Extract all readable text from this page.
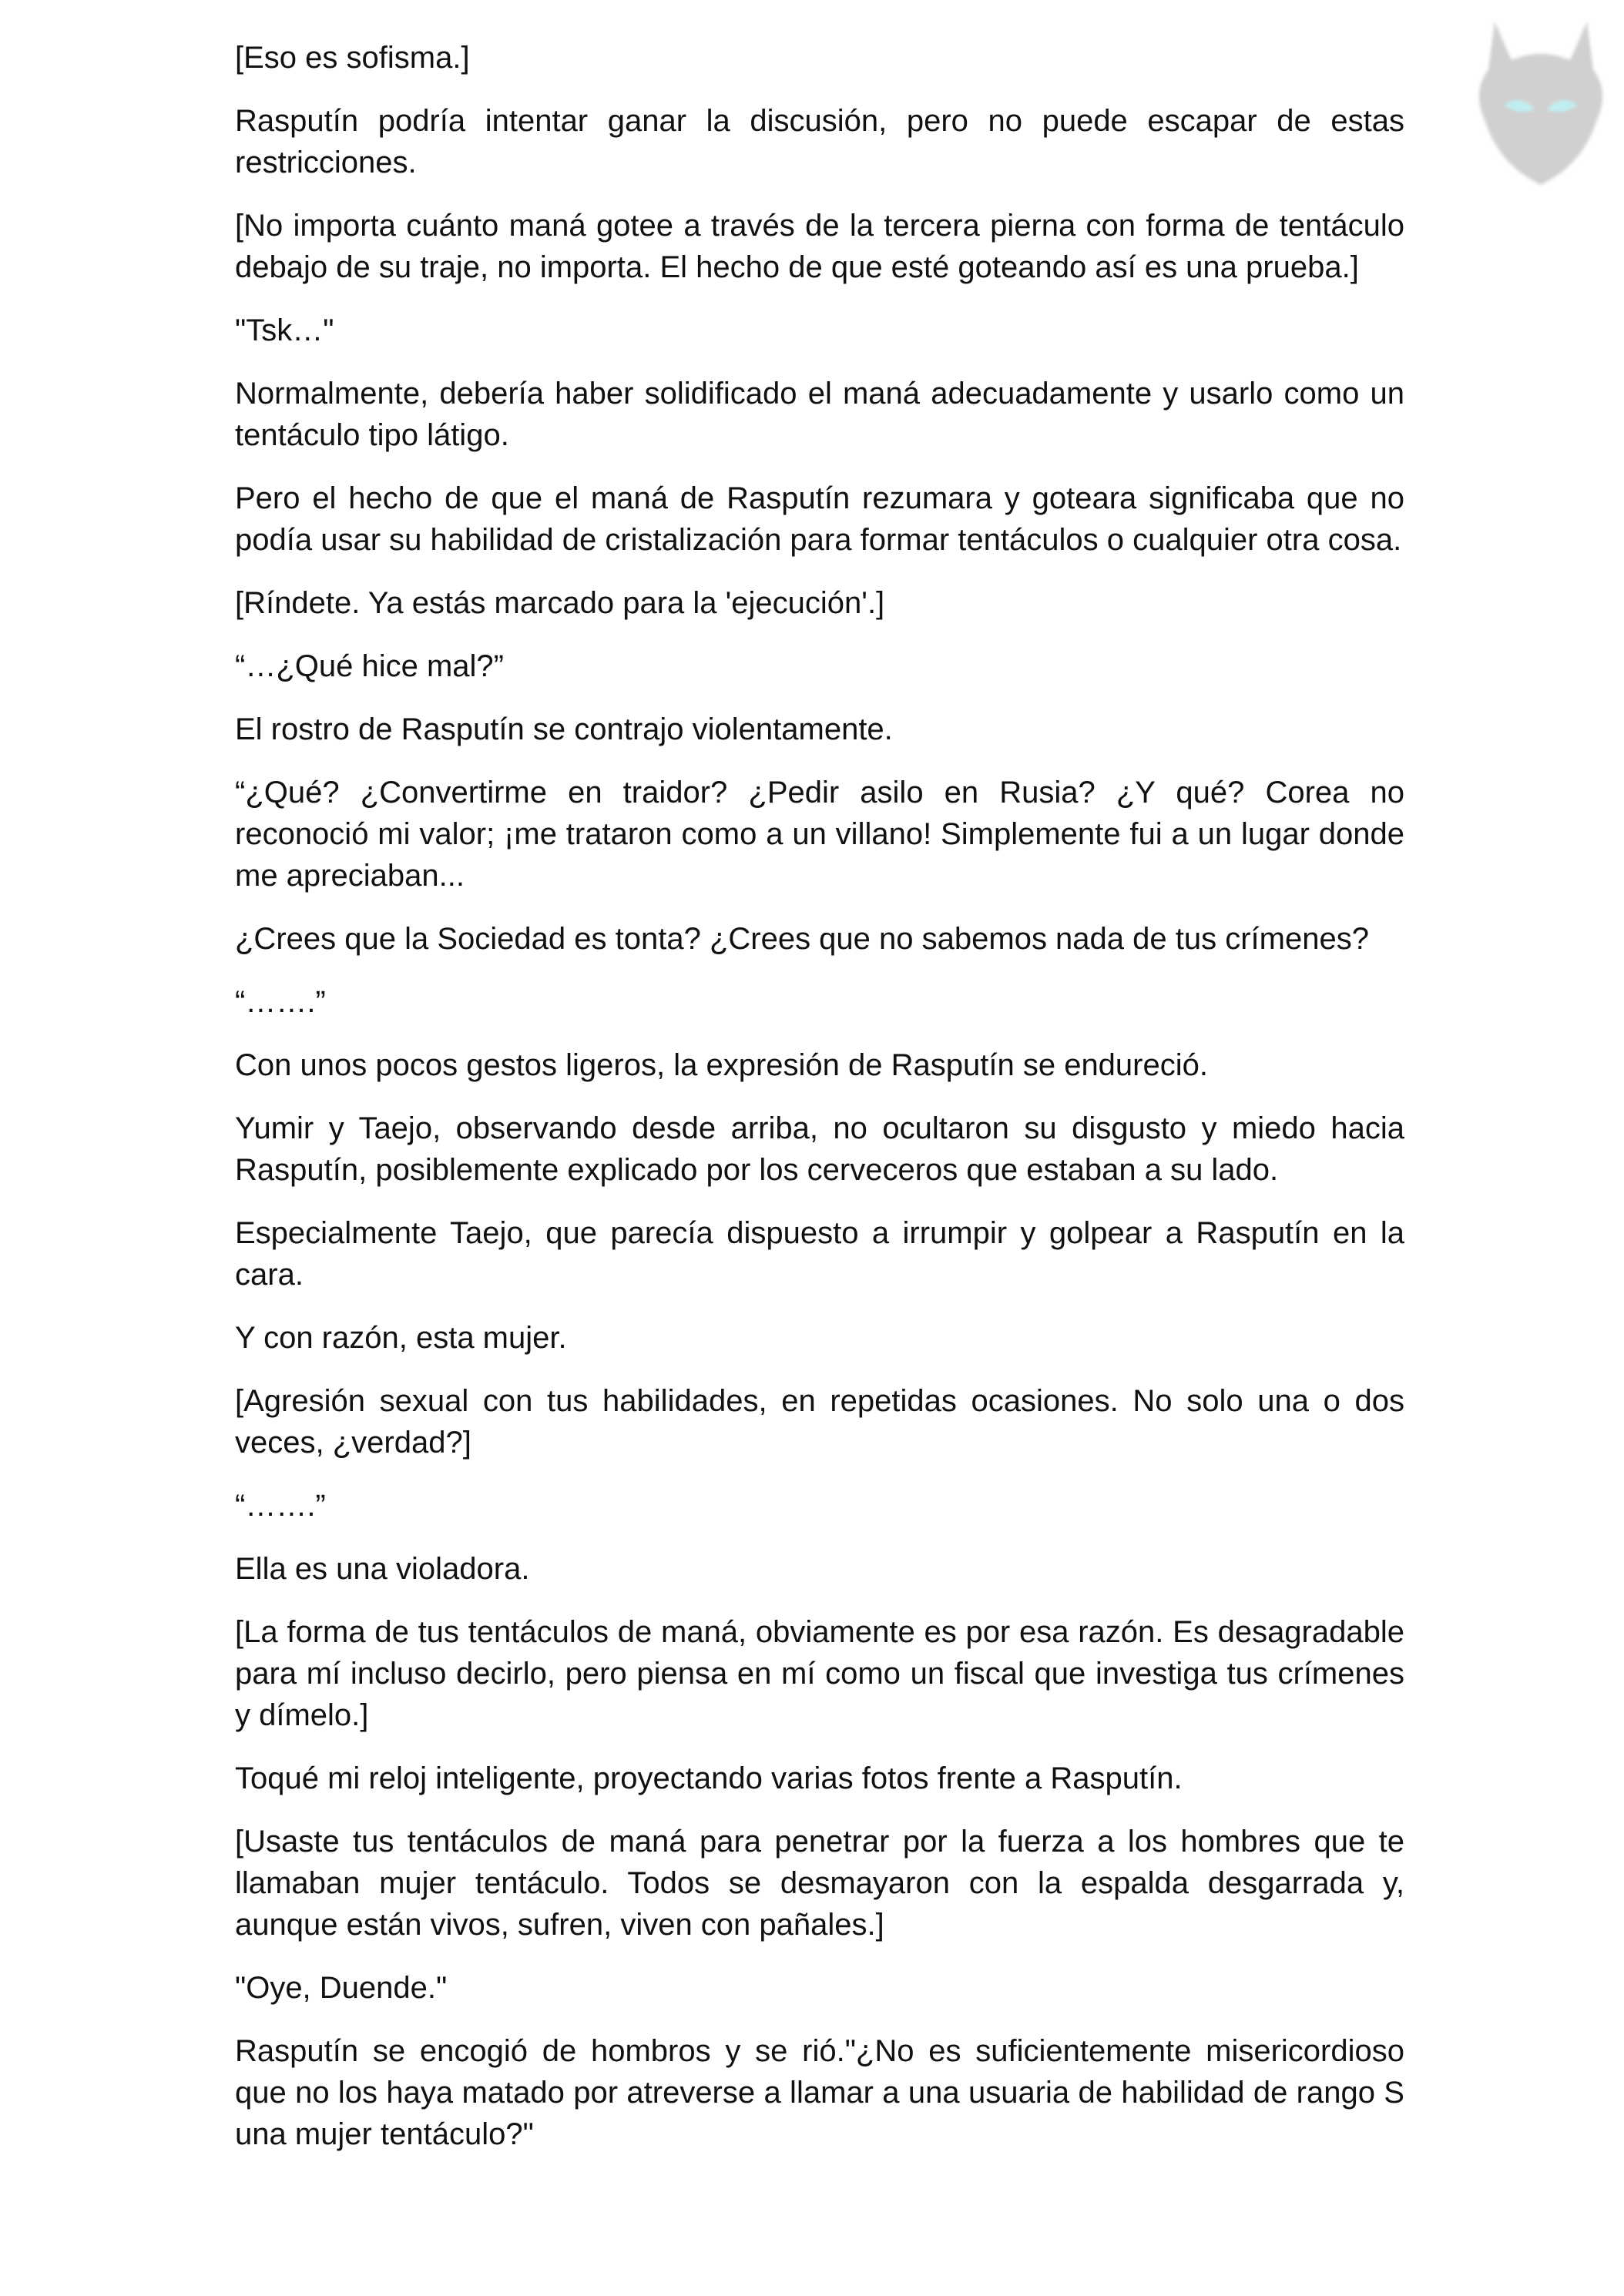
[Eso es sofisma.]

Rasputín podría intentar ganar la discusión, pero no puede escapar de estas restricciones.

[No importa cuánto maná gotee a través de la tercera pierna con forma de tentáculo debajo de su traje, no importa. El hecho de que esté goteando así es una prueba.]

"Tsk…"

Normalmente, debería haber solidificado el maná adecuadamente y usarlo como un tentáculo tipo látigo.

Pero el hecho de que el maná de Rasputín rezumara y goteara significaba que no podía usar su habilidad de cristalización para formar tentáculos o cualquier otra cosa.

[Ríndete. Ya estás marcado para la 'ejecución'.]

“…¿Qué hice mal?”

El rostro de Rasputín se contrajo violentamente.

“¿Qué? ¿Convertirme en traidor? ¿Pedir asilo en Rusia? ¿Y qué? Corea no reconoció mi valor; ¡me trataron como a un villano! Simplemente fui a un lugar donde me apreciaban...

¿Crees que la Sociedad es tonta? ¿Crees que no sabemos nada de tus crímenes?

“…….”

Con unos pocos gestos ligeros, la expresión de Rasputín se endureció.

Yumir y Taejo, observando desde arriba, no ocultaron su disgusto y miedo hacia Rasputín, posiblemente explicado por los cerveceros que estaban a su lado.

Especialmente Taejo, que parecía dispuesto a irrumpir y golpear a Rasputín en la cara.

Y con razón, esta mujer.

[Agresión sexual con tus habilidades, en repetidas ocasiones. No solo una o dos veces, ¿verdad?]

“…….”

Ella es una violadora.

[La forma de tus tentáculos de maná, obviamente es por esa razón. Es desagradable para mí incluso decirlo, pero piensa en mí como un fiscal que investiga tus crímenes y dímelo.]

Toqué mi reloj inteligente, proyectando varias fotos frente a Rasputín.

[Usaste tus tentáculos de maná para penetrar por la fuerza a los hombres que te llamaban mujer tentáculo. Todos se desmayaron con la espalda desgarrada y, aunque están vivos, sufren, viven con pañales.]

"Oye, Duende."

Rasputín se encogió de hombros y se rió."¿No es suficientemente misericordioso que no los haya matado por atreverse a llamar a una usuaria de habilidad de rango S una mujer tentáculo?"
